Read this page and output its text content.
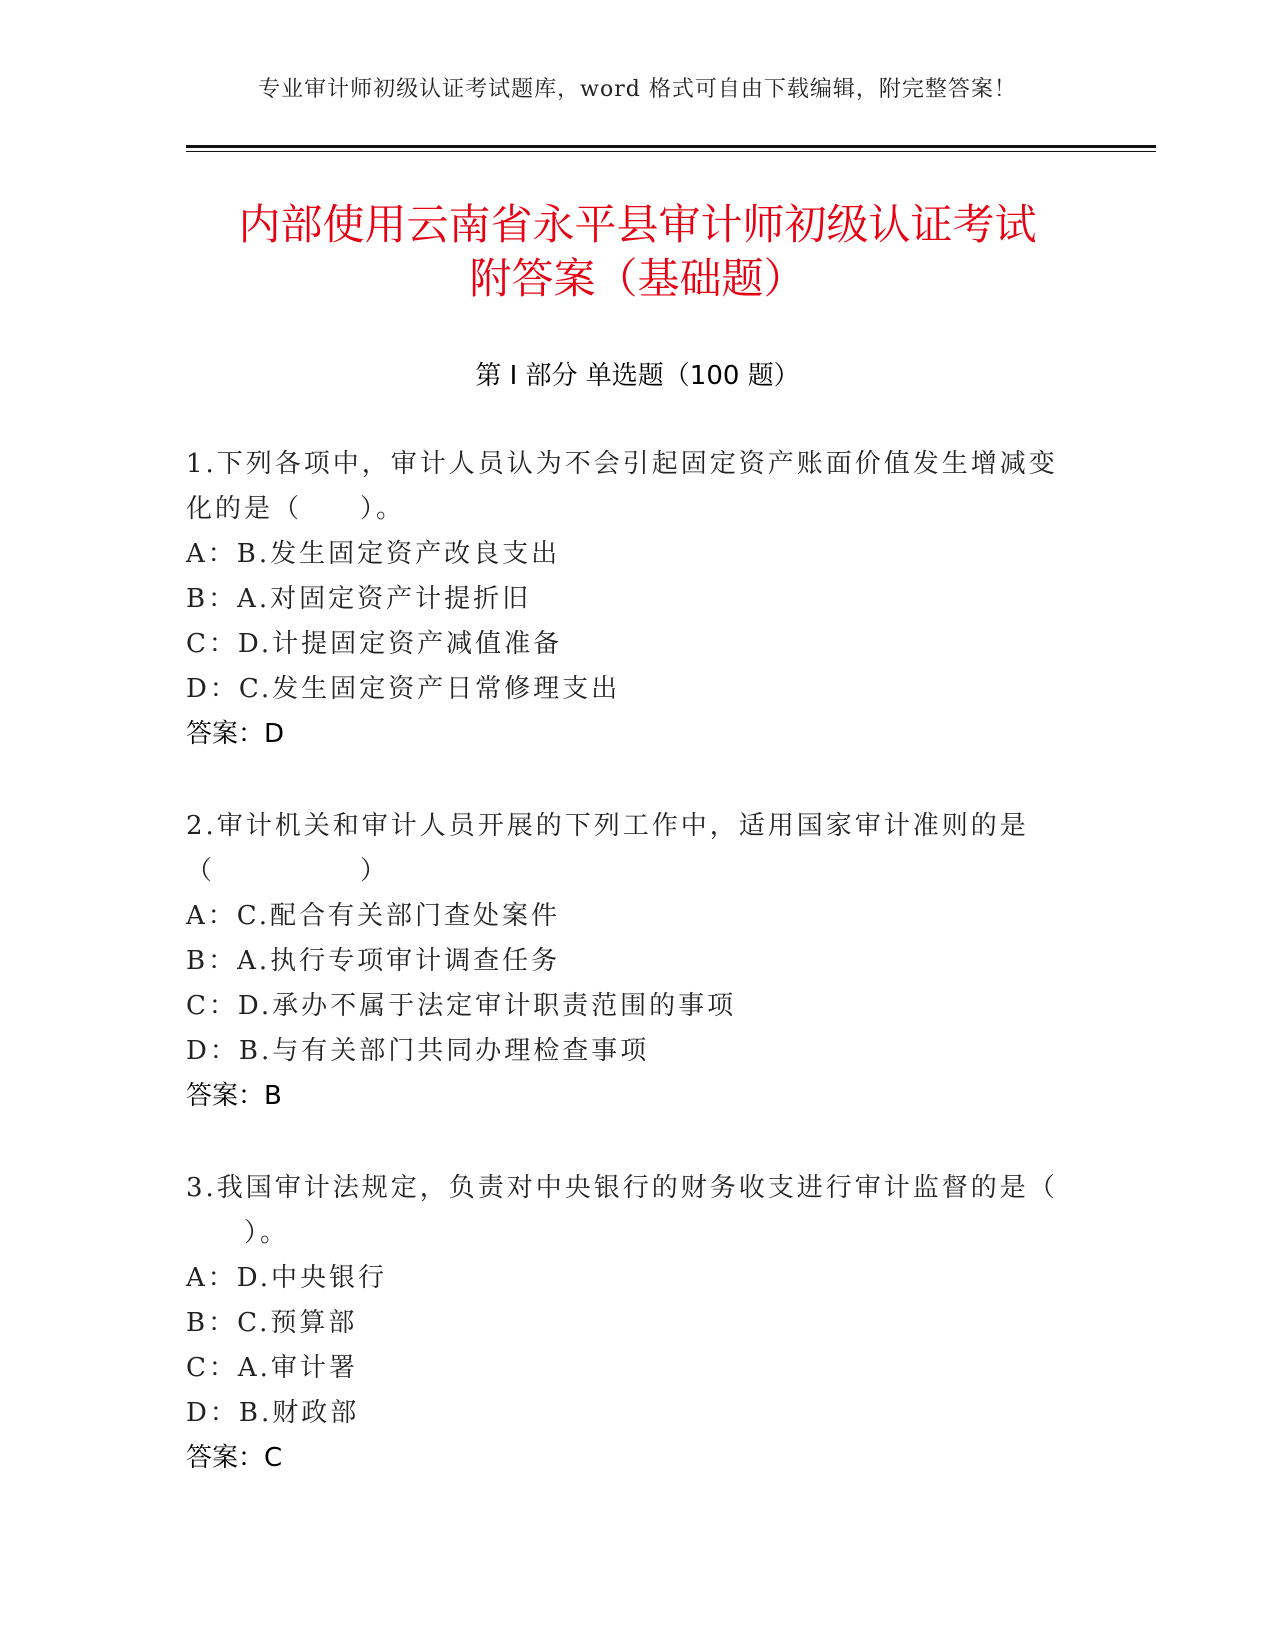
专业审计师初级认证考试题库，word 格式可自由下载编辑，附完整答案！
内部使用云南省永平县审计师初级认证考试
附答案（基础题）
第 I 部分 单选题（100 题）
1.下列各项中，审计人员认为不会引起固定资产账面价值发生增减变
化的是（　　）。
A：B.发生固定资产改良支出
B：A.对固定资产计提折旧
C：D.计提固定资产减值准备
D：C.发生固定资产日常修理支出
答案：D
2.审计机关和审计人员开展的下列工作中，适用国家审计准则的是
（　　　　　）
A：C.配合有关部门查处案件
B：A.执行专项审计调查任务
C：D.承办不属于法定审计职责范围的事项
D：B.与有关部门共同办理检查事项
答案：B
3.我国审计法规定，负责对中央银行的财务收支进行审计监督的是（
　　）。
A：D.中央银行
B：C.预算部
C：A.审计署
D：B.财政部
答案：C
